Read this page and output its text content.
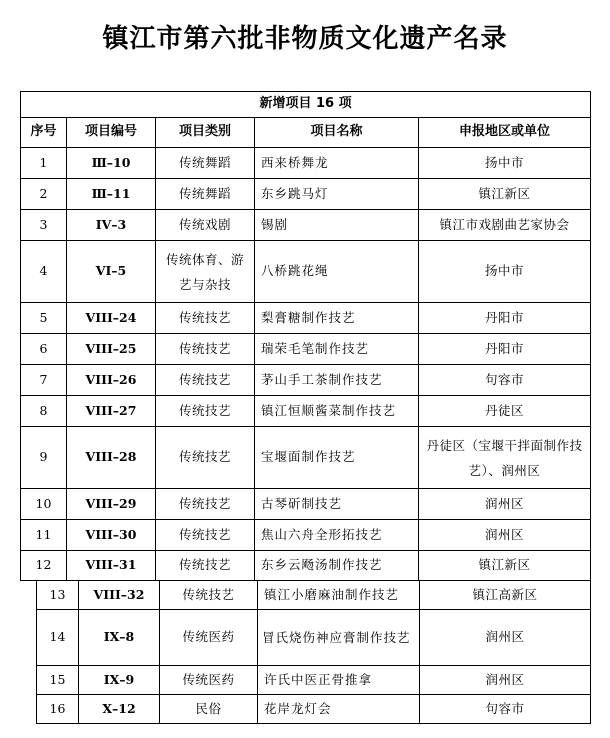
镇江市第六批非物质文化遗产名录
新增项目 16 项				
序号	项目编号	项目类别	项目名称	申报地区或单位
1	Ⅲ–10	传统舞蹈	西来桥舞龙	扬中市
2	Ⅲ–11	传统舞蹈	东乡跳马灯	镇江新区
3	IV–3	传统戏剧	锡剧	镇江市戏剧曲艺家协会
4	VI–5	传统体育、游艺与杂技	八桥跳花绳	扬中市
5	VIII–24	传统技艺	梨膏糖制作技艺	丹阳市
6	VIII–25	传统技艺	瑞荣毛笔制作技艺	丹阳市
7	VIII–26	传统技艺	茅山手工茶制作技艺	句容市
8	VIII–27	传统技艺	镇江恒顺酱菜制作技艺	丹徒区
9	VIII–28	传统技艺	宝堰面制作技艺	丹徒区（宝堰干拌面制作技艺）、润州区
10	VIII–29	传统技艺	古琴斫制技艺	润州区
11	VIII–30	传统技艺	焦山六舟全形拓技艺	润州区
12	VIII–31	传统技艺	东乡云飏汤制作技艺	镇江新区
13	VIII–32	传统技艺	镇江小磨麻油制作技艺	镇江高新区
14	IX–8	传统医药	冒氏烧伤神应膏制作技艺	润州区
15	IX–9	传统医药	许氏中医正骨推拿	润州区
16	X–12	民俗	花岸龙灯会	句容市
